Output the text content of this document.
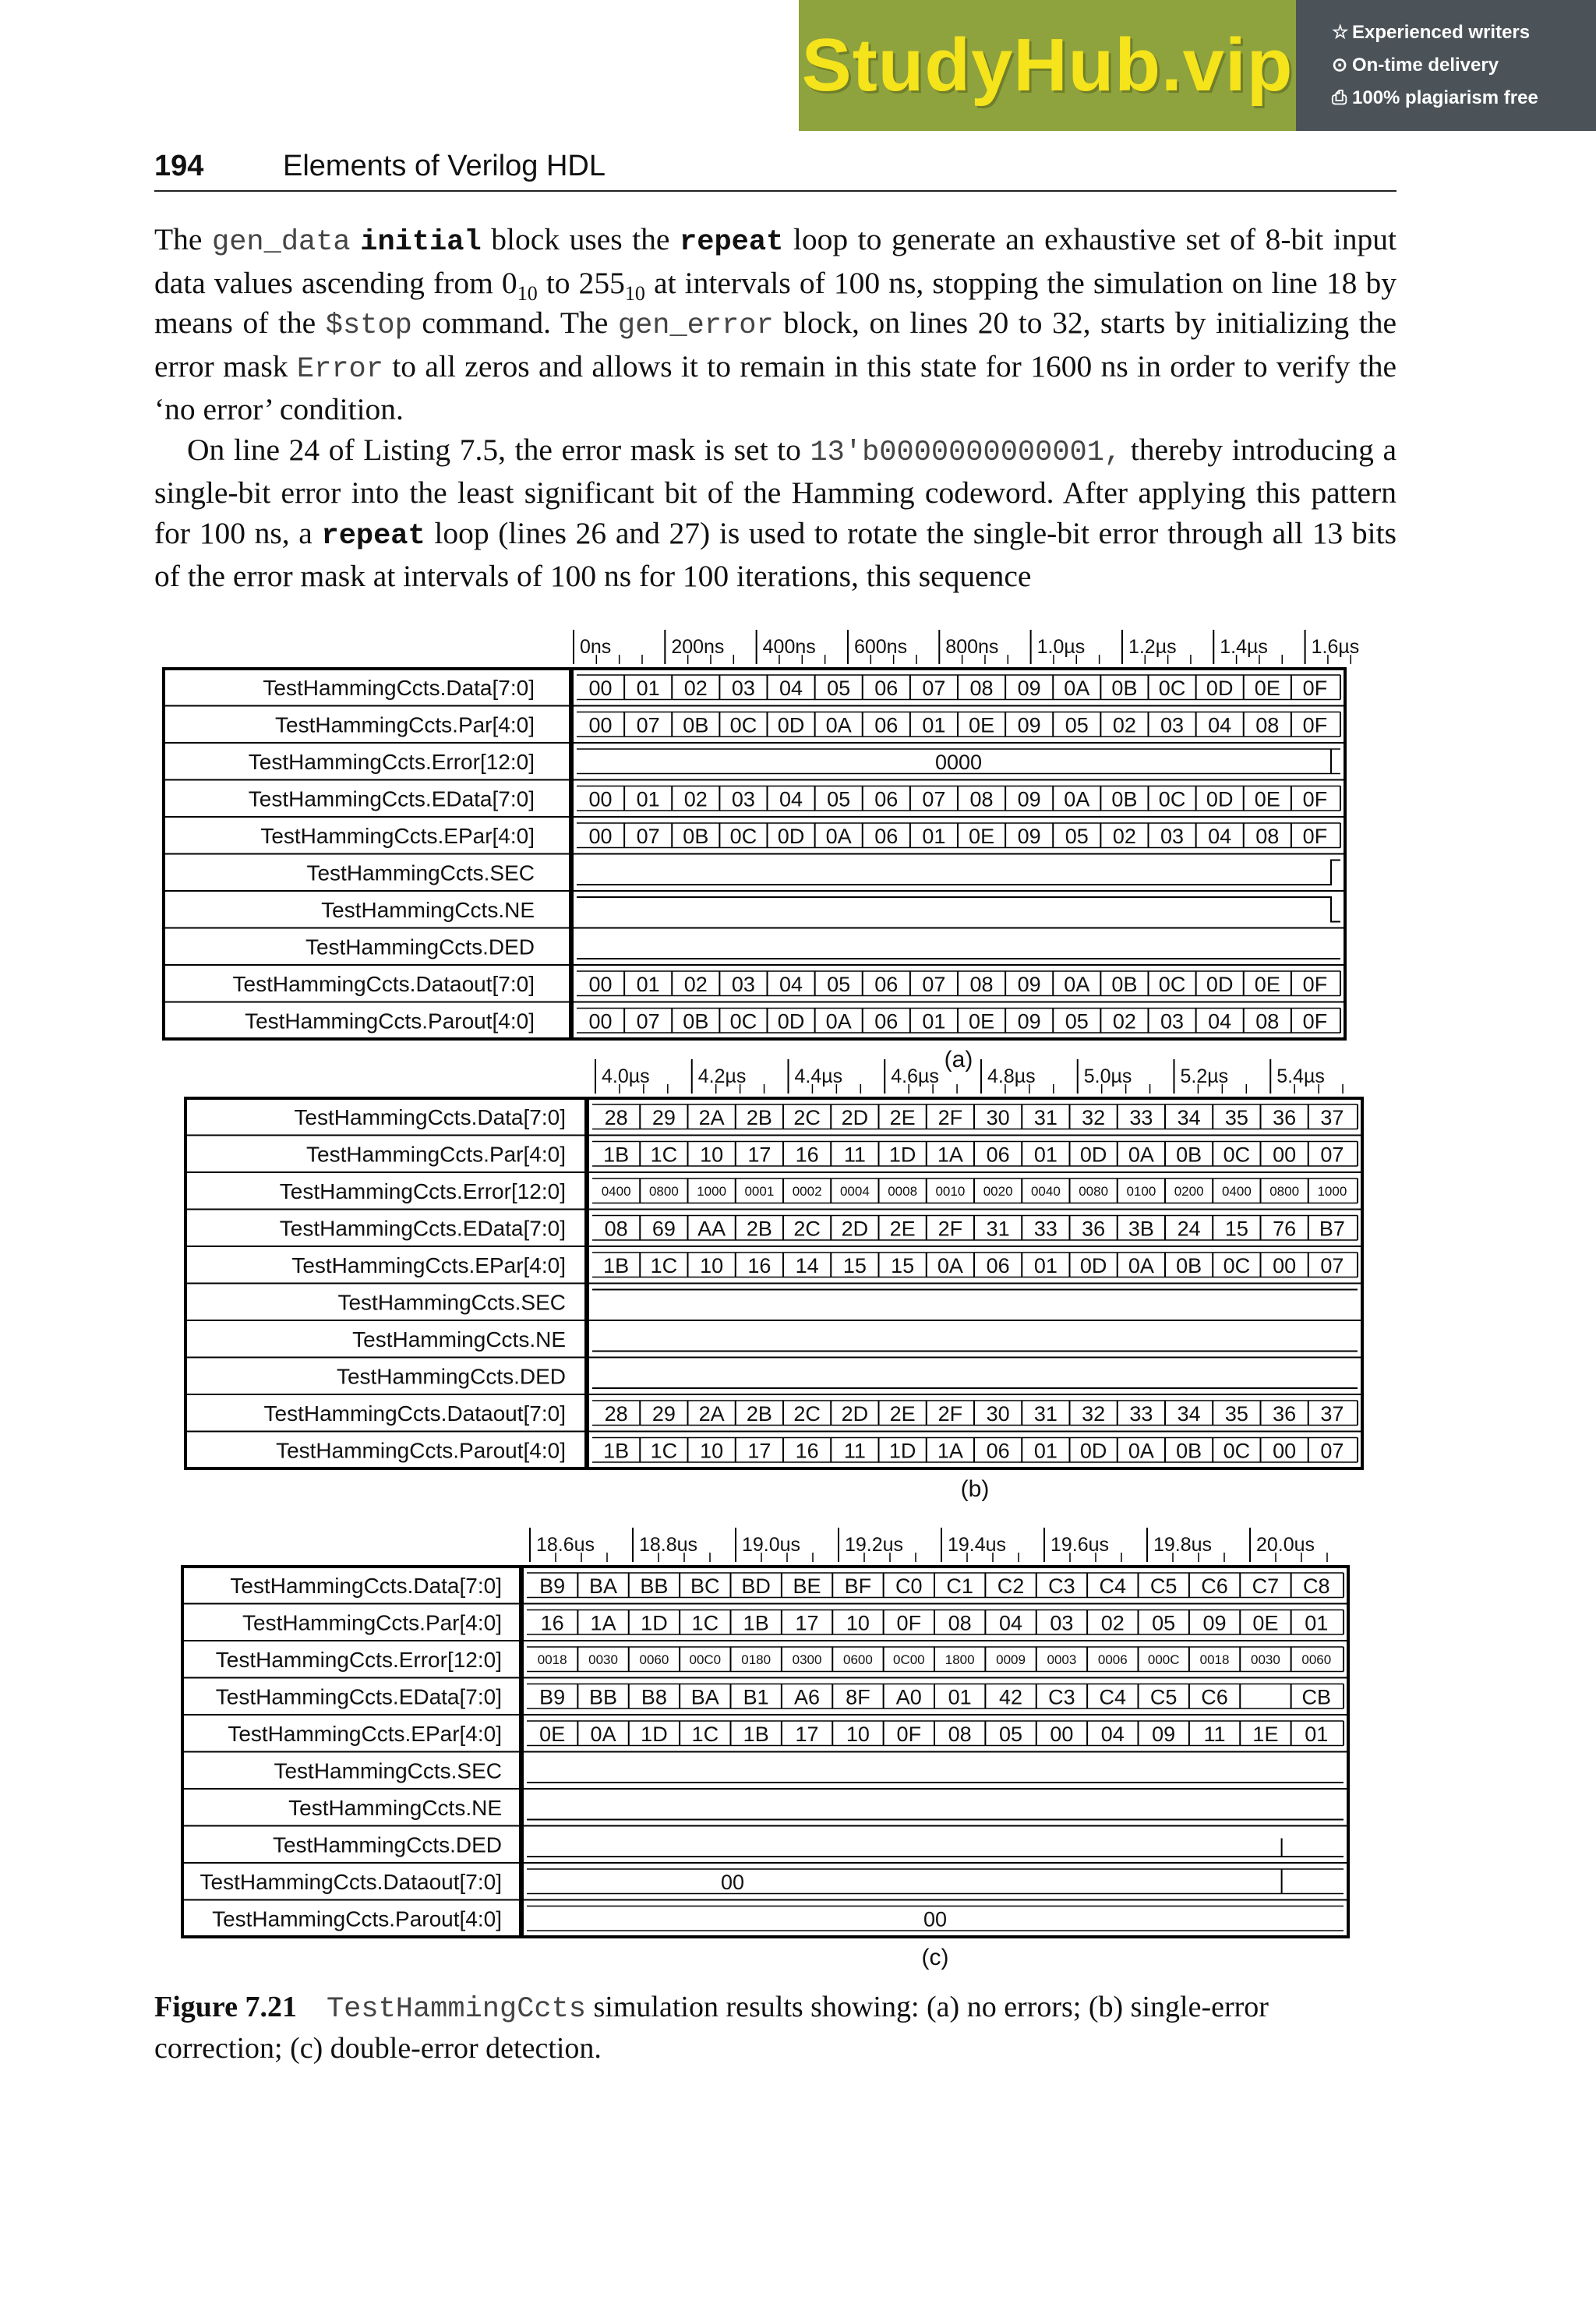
StudyHub.vip ☆ Experienced writers
⊙ On-time delivery
⎙ 100% plagiarism free
194	Elements of Verilog HDL

The gen_data initial block uses the repeat loop to generate an exhaustive set of 8-bit input data values ascending from $0_{10}$ to $255_{10}$ at intervals of 100 ns, stopping the simulation on line 18 by means of the $stop command. The gen_error block, on lines 20 to 32, starts by initializing the error mask Error to all zeros and allows it to remain in this state for 1600 ns in order to verify the ‘no error’ condition.

On line 24 of Listing 7.5, the error mask is set to 13'b0000000000001, thereby introducing a single-bit error into the least significant bit of the Hamming codeword. After applying this pattern for 100 ns, a repeat loop (lines 26 and 27) is used to rotate the single-bit error through all 13 bits of the error mask at intervals of 100 ns for 100 iterations, this sequence

0ns	200ns 400ns 600ns 800ns 1.0µs 1.2µs 1.4µs 1.6µs
TestHammingCcts.Data[7:0]	00 01 02 03 04 05 06 07 08 09 0A 0B 0C 0D 0E 0F
TestHammingCcts.Par[4:0]	00 07 0B 0C 0D 0A 06 01 0E 09 05 02 03 04 08 0F
TestHammingCcts.Error[12:0]	0000
TestHammingCcts.EData[7:0]	00 01 02 03 04 05 06 07 08 09 0A 0B 0C 0D 0E 0F
TestHammingCcts.EPar[4:0]	00 07 0B 0C 0D 0A 06 01 0E 09 05 02 03 04 08 0F
TestHammingCcts.SEC
TestHammingCcts.NE
TestHammingCcts.DED
TestHammingCcts.Dataout[7:0]	00 01 02 03 04 05 06 07 08 09 0A 0B 0C 0D 0E 0F
TestHammingCcts.Parout[4:0]	00 07 0B 0C 0D 0A 06 01 0E 09 05 02 03 04 08 0F
(a)
4.0µs 4.2µs 4.4µs 4.6µs 4.8µs 5.0µs 5.2µs 5.4µs
TestHammingCcts.Data[7:0] 28 29 2A 2B 2C 2D 2E 2F 30 31 32 33 34 35 36 37
TestHammingCcts.Par[4:0] 1B 1C 10 17 16 11 1D 1A 06 01 0D 0A 0B 0C 00 07
TestHammingCcts.Error[12:0]	0400 0800 1000 0001 0002 0004 0008 0010 0020 0040 0080 0100 0200 0400 0800 1000
TestHammingCcts.EData[7:0] 08 69 AA 2B 2C 2D 2E 2F 31 33 36 3B 24 15 76 B7
TestHammingCcts.EPar[4:0] 1B 1C 10 16 14 15 15 0A 06 01 0D 0A 0B 0C 00 07
TestHammingCcts.SEC
TestHammingCcts.NE
TestHammingCcts.DED
TestHammingCcts.Dataout[7:0] 28 29 2A 2B 2C 2D 2E 2F 30 31 32 33 34 35 36 37
TestHammingCcts.Parout[4:0] 1B 1C 10 17 16 11 1D 1A 06 01 0D 0A 0B 0C 00 07
(b)
18.6us 18.8us 19.0us 19.2us 19.4us 19.6us 19.8us 20.0us
TestHammingCcts.Data[7:0] B9 BA BB BC BD BE BF C0 C1 C2 C3 C4 C5 C6 C7 C8
TestHammingCcts.Par[4:0] 16 1A 1D 1C 1B 17 10 0F 08 04 03 02 05 09 0E 01
TestHammingCcts.Error[12:0]	0018 0030 0060 00C0 0180 0300 0600 0C00 1800 0009 0003 0006 000C 0018 0030 0060
TestHammingCcts.EData[7:0] B9 BB B8 BA B1 A6 8F A0 01 42 C3 C4 C5 C6	CB
TestHammingCcts.EPar[4:0] 0E 0A 1D 1C 1B 17 10 0F 08 05 00 04 09 11 1E 01
TestHammingCcts.SEC
TestHammingCcts.NE
TestHammingCcts.DED
TestHammingCcts.Dataout[7:0]	00
TestHammingCcts.Parout[4:0]	00
(c)
Figure 7.21 TestHammingCcts simulation results showing: (a) no errors; (b) single-error correction; (c) double-error detection.
